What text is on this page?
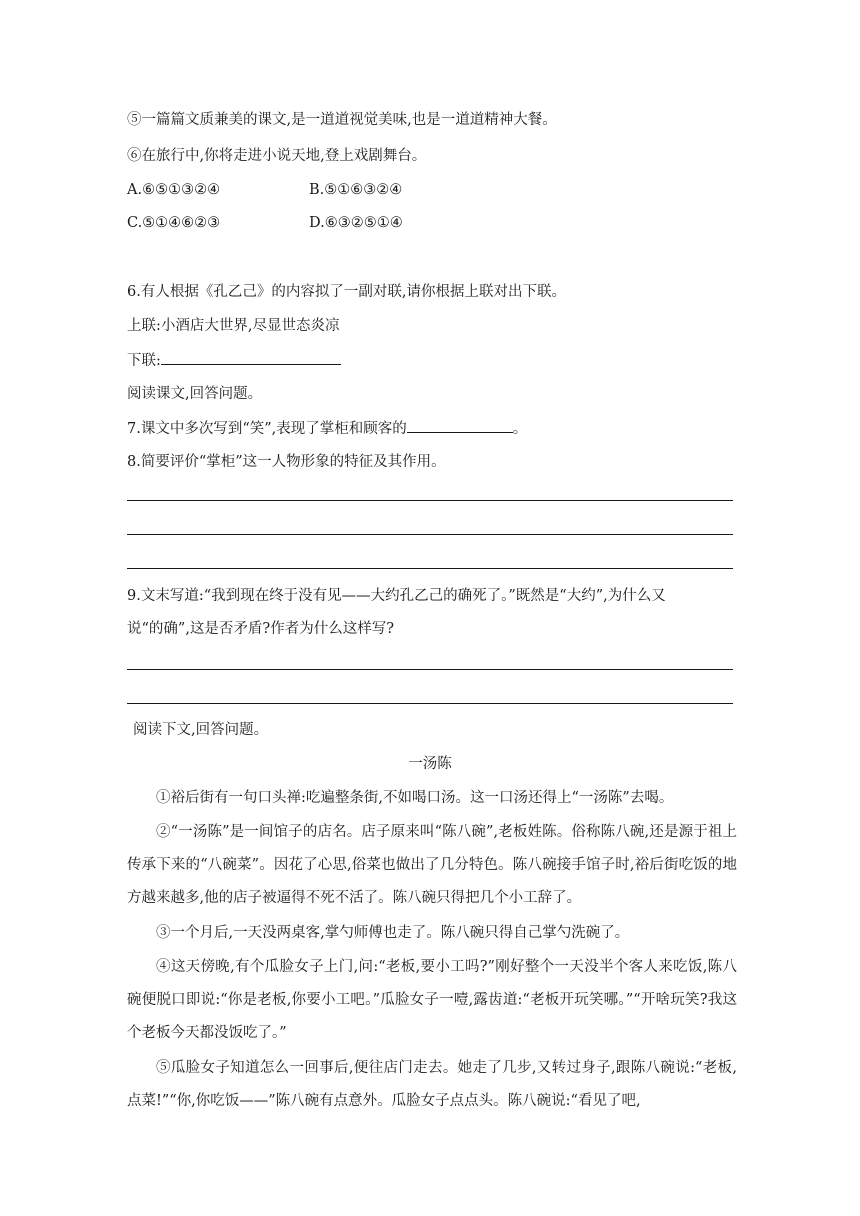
⑤一篇篇文质兼美的课文,是一道道视觉美味,也是一道道精神大餐。
⑥在旅行中,你将走进小说天地,登上戏剧舞台。
A.⑥⑤①③②④	B.⑤①⑥③②④
C.⑤①④⑥②③	D.⑥③②⑤①④
6.有人根据《孔乙己》的内容拟了一副对联,请你根据上联对出下联。
上联:小酒店大世界,尽显世态炎凉
下联:
阅读课文,回答问题。
7.课文中多次写到“笑”,表现了掌柜和顾客的	。
8.简要评价“掌柜”这一人物形象的特征及其作用。
9.文末写道:“我到现在终于没有见——大约孔乙己的确死了。”既然是“大约”,为什么又
说“的确”,这是否矛盾?作者为什么这样写?
阅读下文,回答问题。
一汤陈
①裕后街有一句口头禅:吃遍整条街,不如喝口汤。这一口汤还得上“一汤陈”去喝。
②“一汤陈”是一间馆子的店名。店子原来叫“陈八碗”,老板姓陈。俗称陈八碗,还是源于祖上传承下来的“八碗菜”。因花了心思,俗菜也做出了几分特色。陈八碗接手馆子时,裕后街吃饭的地方越来越多,他的店子被逼得不死不活了。陈八碗只得把几个小工辞了。
③一个月后,一天没两桌客,掌勺师傅也走了。陈八碗只得自己掌勺洗碗了。
④这天傍晚,有个瓜脸女子上门,问:“老板,要小工吗?”刚好整个一天没半个客人来吃饭,陈八碗便脱口即说:“你是老板,你要小工吧。”瓜脸女子一噎,露齿道:“老板开玩笑哪。”“开啥玩笑?我这个老板今天都没饭吃了。”
⑤瓜脸女子知道怎么一回事后,便往店门走去。她走了几步,又转过身子,跟陈八碗说:“老板,点菜!”“你,你吃饭——”陈八碗有点意外。瓜脸女子点点头。陈八碗说:“看见了吧,
